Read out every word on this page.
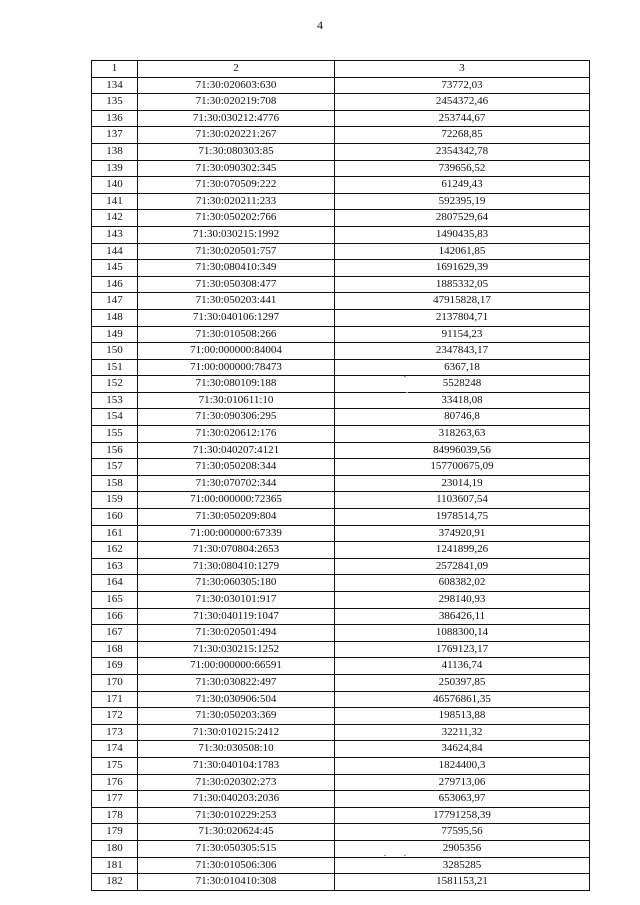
4
1	2	3
134	71:30:020603:630	73772,03
135	71:30:020219:708	2454372,46
136	71:30:030212:4776	253744,67
137	71:30:020221:267	72268,85
138	71:30:080303:85	2354342,78
139	71:30:090302:345	739656,52
140	71:30:070509:222	61249,43
141	71:30:020211:233	592395,19
142	71:30:050202:766	2807529,64
143	71:30:030215:1992	1490435,83
144	71:30:020501:757	142061,85
145	71:30:080410:349	1691629,39
146	71:30:050308:477	1885332,05
147	71:30:050203:441	47915828,17
148	71:30:040106:1297	2137804,71
149	71:30:010508:266	91154,23
150	71:00:000000:84004	2347843,17
151	71:00:000000:78473	6367,18
152	71:30:080109:188	5528248
153	71:30:010611:10	33418,08
154	71:30:090306:295	80746,8
155	71:30:020612:176	318263,63
156	71:30:040207:4121	84996039,56
157	71:30:050208:344	157700675,09
158	71:30:070702:344	23014,19
159	71:00:000000:72365	1103607,54
160	71:30:050209:804	1978514,75
161	71:00:000000:67339	374920,91
162	71:30:070804:2653	1241899,26
163	71:30:080410:1279	2572841,09
164	71:30:060305:180	608382,02
165	71:30:030101:917	298140,93
166	71:30:040119:1047	386426,11
167	71:30:020501:494	1088300,14
168	71:30:030215:1252	1769123,17
169	71:00:000000:66591	41136,74
170	71:30:030822:497	250397,85
171	71:30:030906:504	46576861,35
172	71:30:050203:369	198513,88
173	71:30:010215:2412	32211,32
174	71:30:030508:10	34624,84
175	71:30:040104:1783	1824400,3
176	71:30:020302:273	279713,06
177	71:30:040203:2036	653063,97
178	71:30:010229:253	17791258,39
179	71:30:020624:45	77595,56
180	71:30:050305:515	2905356
181	71:30:010506:306	3285285
182	71:30:010410:308	1581153,21
